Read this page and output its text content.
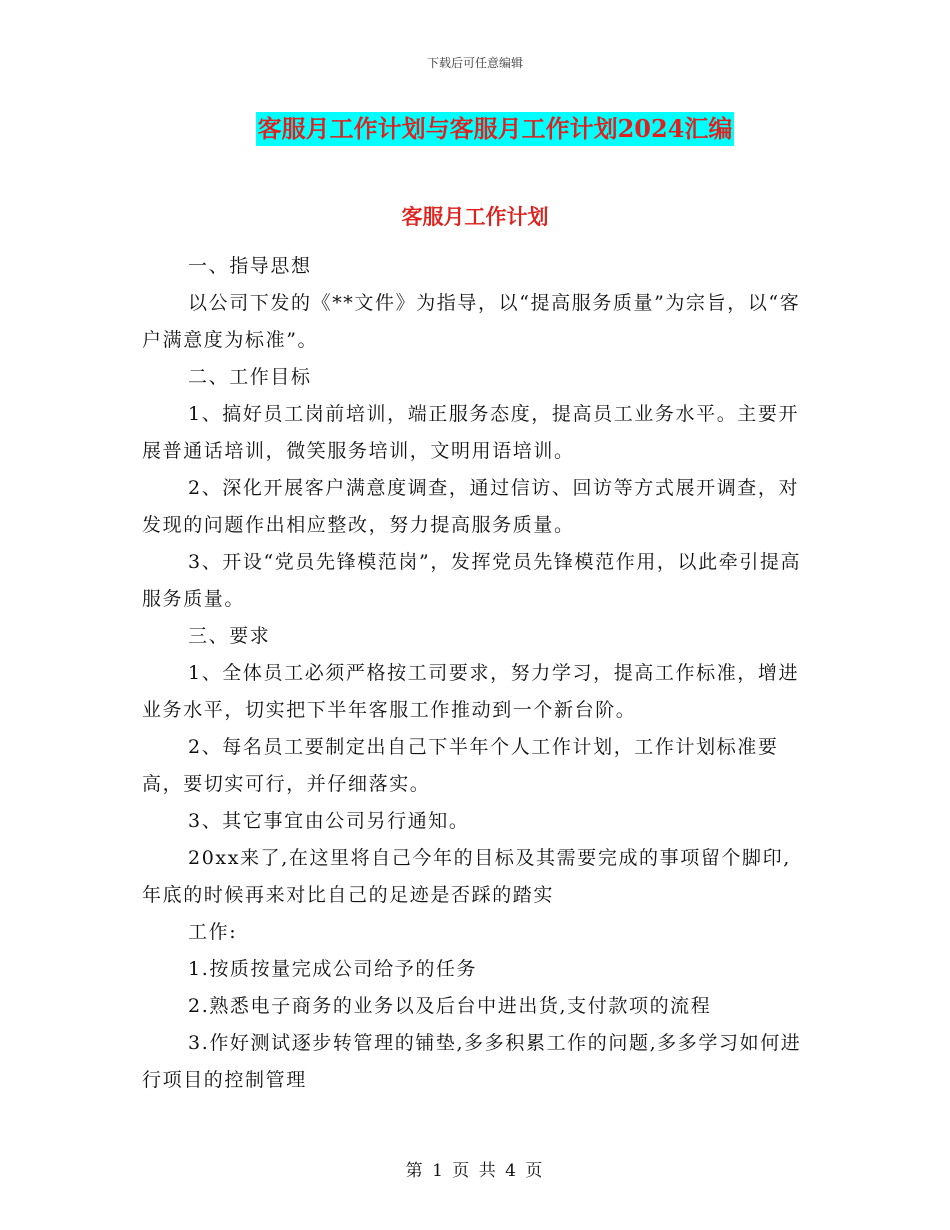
下载后可任意编辑
客服月工作计划与客服月工作计划2024汇编
客服月工作计划

一、指导思想

以公司下发的《**文件》为指导，以“提高服务质量”为宗旨，以“客户满意度为标准”。

二、工作目标

1、搞好员工岗前培训，端正服务态度，提高员工业务水平。主要开展普通话培训，微笑服务培训，文明用语培训。

2、深化开展客户满意度调查，通过信访、回访等方式展开调查，对发现的问题作出相应整改，努力提高服务质量。

3、开设“党员先锋模范岗”，发挥党员先锋模范作用，以此牵引提高服务质量。

三、要求

1、全体员工必须严格按工司要求，努力学习，提高工作标准，增进业务水平，切实把下半年客服工作推动到一个新台阶。

2、每名员工要制定出自己下半年个人工作计划，工作计划标准要高，要切实可行，并仔细落实。

3、其它事宜由公司另行通知。

20xx来了,在这里将自己今年的目标及其需要完成的事项留个脚印,年底的时候再来对比自己的足迹是否踩的踏实

工作:

1.按质按量完成公司给予的任务

2.熟悉电子商务的业务以及后台中进出货,支付款项的流程

3.作好测试逐步转管理的铺垫,多多积累工作的问题,多多学习如何进行项目的控制管理

第 1 页 共 4 页
